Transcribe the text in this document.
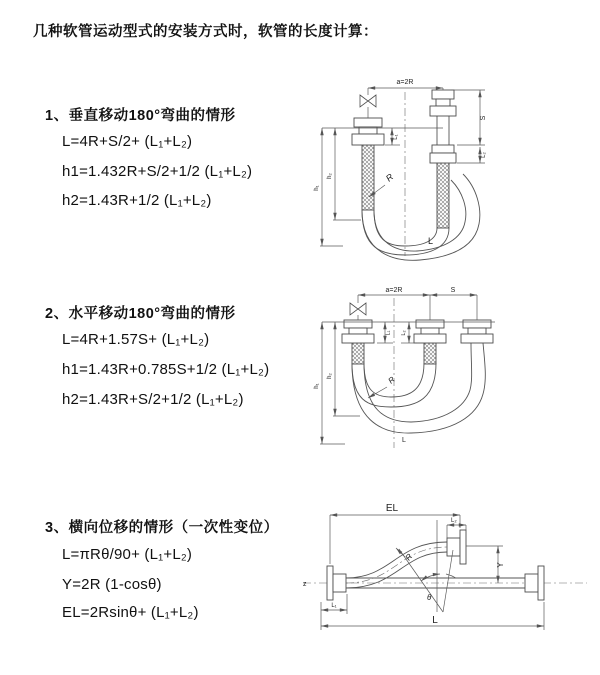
几种软管运动型式的安装方式时，软管的长度计算：
1、垂直移动180°弯曲的情形
L=4R+S/2+ (L₁+L₂)
h1=1.432R+S/2+1/2 (L₁+L₂)
h2=1.43R+1/2 (L₁+L₂)
2、水平移动180°弯曲的情形
L=4R+1.57S+ (L₁+L₂)
h1=1.43R+0.785S+1/2 (L₁+L₂)
h2=1.43R+S/2+1/2 (L₁+L₂)
3、横向位移的情形（一次性变位）
L=πRθ/90+ (L₁+L₂)
Y=2R (1-cosθ)
EL=2Rsinθ+ (L₁+L₂)
a=2R
S
L₂
h₁
h₂
L₁
R
L
a=2R	S
h₁
h₂
L₁ L₂
R
L
z
EL
L₂
Y
L₁
L
R
θ
